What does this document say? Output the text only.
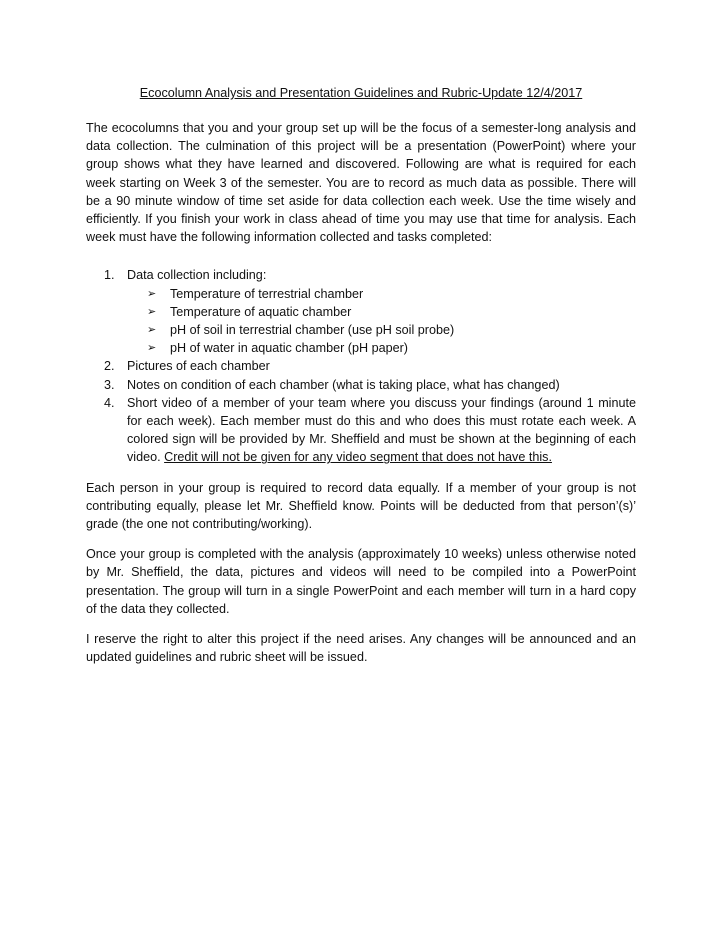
Ecocolumn Analysis and Presentation Guidelines and Rubric-Update 12/4/2017

The ecocolumns that you and your group set up will be the focus of a semester-long analysis and data collection. The culmination of this project will be a presentation (PowerPoint) where your group shows what they have learned and discovered. Following are what is required for each week starting on Week 3 of the semester. You are to record as much data as possible. There will be a 90 minute window of time set aside for data collection each week. Use the time wisely and efficiently. If you finish your work in class ahead of time you may use that time for analysis. Each week must have the following information collected and tasks completed:

1. Data collection including:
➢ Temperature of terrestrial chamber
➢ Temperature of aquatic chamber
➢ pH of soil in terrestrial chamber (use pH soil probe)
➢ pH of water in aquatic chamber (pH paper)
2. Pictures of each chamber
3. Notes on condition of each chamber (what is taking place, what has changed)
4. Short video of a member of your team where you discuss your findings (around 1 minute for each week). Each member must do this and who does this must rotate each week. A colored sign will be provided by Mr. Sheffield and must be shown at the beginning of each video. Credit will not be given for any video segment that does not have this.

Each person in your group is required to record data equally. If a member of your group is not contributing equally, please let Mr. Sheffield know. Points will be deducted from that person’(s)’ grade (the one not contributing/working).

Once your group is completed with the analysis (approximately 10 weeks) unless otherwise noted by Mr. Sheffield, the data, pictures and videos will need to be compiled into a PowerPoint presentation. The group will turn in a single PowerPoint and each member will turn in a hard copy of the data they collected.

I reserve the right to alter this project if the need arises. Any changes will be announced and an updated guidelines and rubric sheet will be issued.
